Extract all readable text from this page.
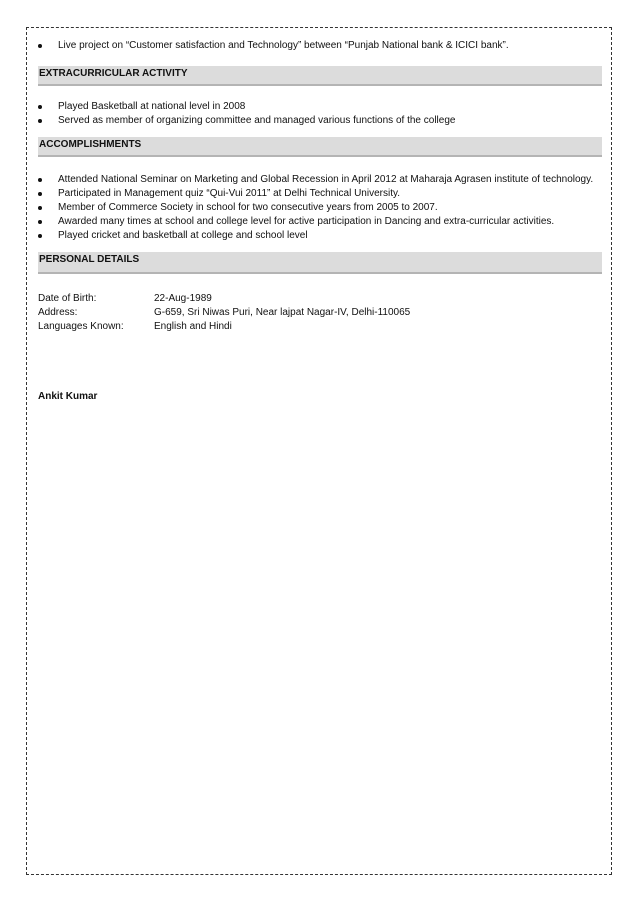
Live project on “Customer satisfaction and Technology” between “Punjab National bank & ICICI bank”.
EXTRACURRICULAR ACTIVITY
Played Basketball at national level in 2008
Served as member of organizing committee and managed various functions of the college
ACCOMPLISHMENTS
Attended National Seminar on Marketing and Global Recession in April 2012 at Maharaja Agrasen institute of technology.
Participated in Management quiz “Qui-Vui 2011” at Delhi Technical University.
Member of Commerce Society in school for two consecutive years from 2005 to 2007.
Awarded many times at school and college level for active participation in Dancing and extra-curricular activities.
Played cricket and basketball at college and school level
PERSONAL DETAILS
Date of Birth:	22-Aug-1989
Address:	G-659, Sri Niwas Puri, Near lajpat Nagar-IV, Delhi-110065
Languages Known:	English and Hindi
Ankit Kumar
